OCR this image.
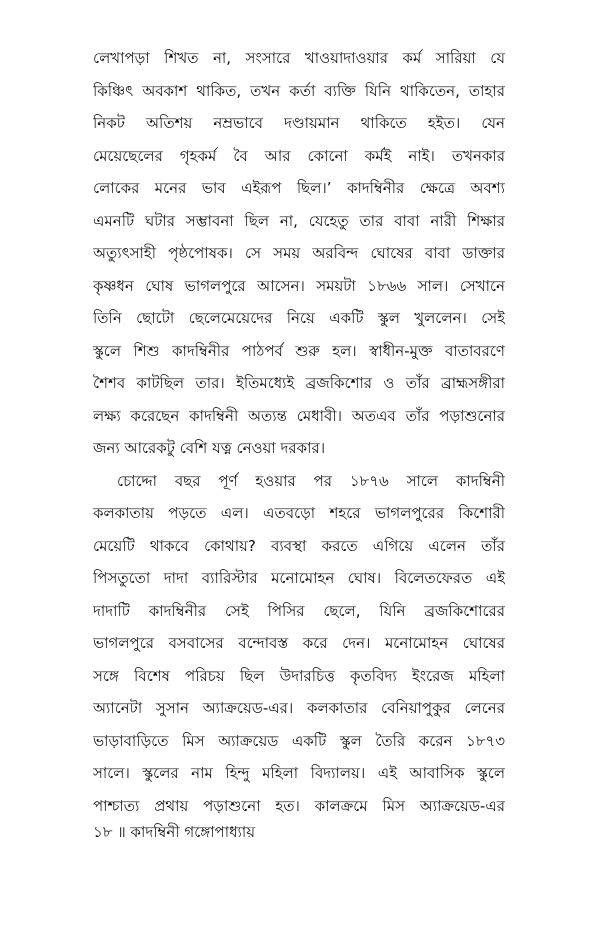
লেখাপড়া শিখত না, সংসারে খাওয়াদাওয়ার কর্ম সারিয়া যে
কিঞ্চিৎ অবকাশ থাকিত, তখন কর্তা ব্যক্তি যিনি থাকিতেন, তাহার
নিকট অতিশয় নম্রভাবে দণ্ডায়মান থাকিতে হইত। যেন
মেয়েছেলের গৃহকর্ম বৈ আর কোনো কর্মই নাই। তখনকার
লোকের মনের ভাব এইরূপ ছিল।’ কাদম্বিনীর ক্ষেত্রে অবশ্য
এমনটি ঘটার সম্ভাবনা ছিল না, যেহেতু তার বাবা নারী শিক্ষার
অত্যুৎসাহী পৃষ্ঠপোষক। সে সময় অরবিন্দ ঘোষের বাবা ডাক্তার
কৃষ্ণধন ঘোষ ভাগলপুরে আসেন। সময়টা ১৮৬৬ সাল। সেখানে
তিনি ছোটো ছেলেমেয়েদের নিয়ে একটি স্কুল খুললেন। সেই
স্কুলে শিশু কাদম্বিনীর পাঠপর্ব শুরু হল। স্বাধীন-মুক্ত বাতাবরণে
শৈশব কাটছিল তার। ইতিমধ্যেই ব্রজকিশোর ও তাঁর ব্রাহ্মসঙ্গীরা
লক্ষ্য করেছেন কাদম্বিনী অত্যন্ত মেধাবী। অতএব তাঁর পড়াশুনোর
জন্য আরেকটু বেশি যত্ন নেওয়া দরকার।
চোদ্দো বছর পূর্ণ হওয়ার পর ১৮৭৬ সালে কাদম্বিনী
কলকাতায় পড়তে এল। এতবড়ো শহরে ভাগলপুরের কিশোরী
মেয়েটি থাকবে কোথায়? ব্যবস্থা করতে এগিয়ে এলেন তাঁর
পিসতুতো দাদা ব্যারিস্টার মনোমোহন ঘোষ। বিলেতফেরত এই
দাদাটি কাদম্বিনীর সেই পিসির ছেলে, যিনি ব্রজকিশোরের
ভাগলপুরে বসবাসের বন্দোবস্ত করে দেন। মনোমোহন ঘোষের
সঙ্গে বিশেষ পরিচয় ছিল উদারচিত্ত কৃতবিদ্য ইংরেজ মহিলা
অ্যানেটা সুসান অ্যাক্রয়েড-এর। কলকাতার বেনিয়াপুকুর লেনের
ভাড়াবাড়িতে মিস অ্যাক্রয়েড একটি স্কুল তৈরি করেন ১৮৭৩
সালে। স্কুলের নাম হিন্দু মহিলা বিদ্যালয়। এই আবাসিক স্কুলে
পাশ্চাত্য প্রথায় পড়াশুনো হত। কালক্রমে মিস অ্যাক্রয়েড-এর
১৮ ॥ কাদম্বিনী গঙ্গোপাধ্যায়
